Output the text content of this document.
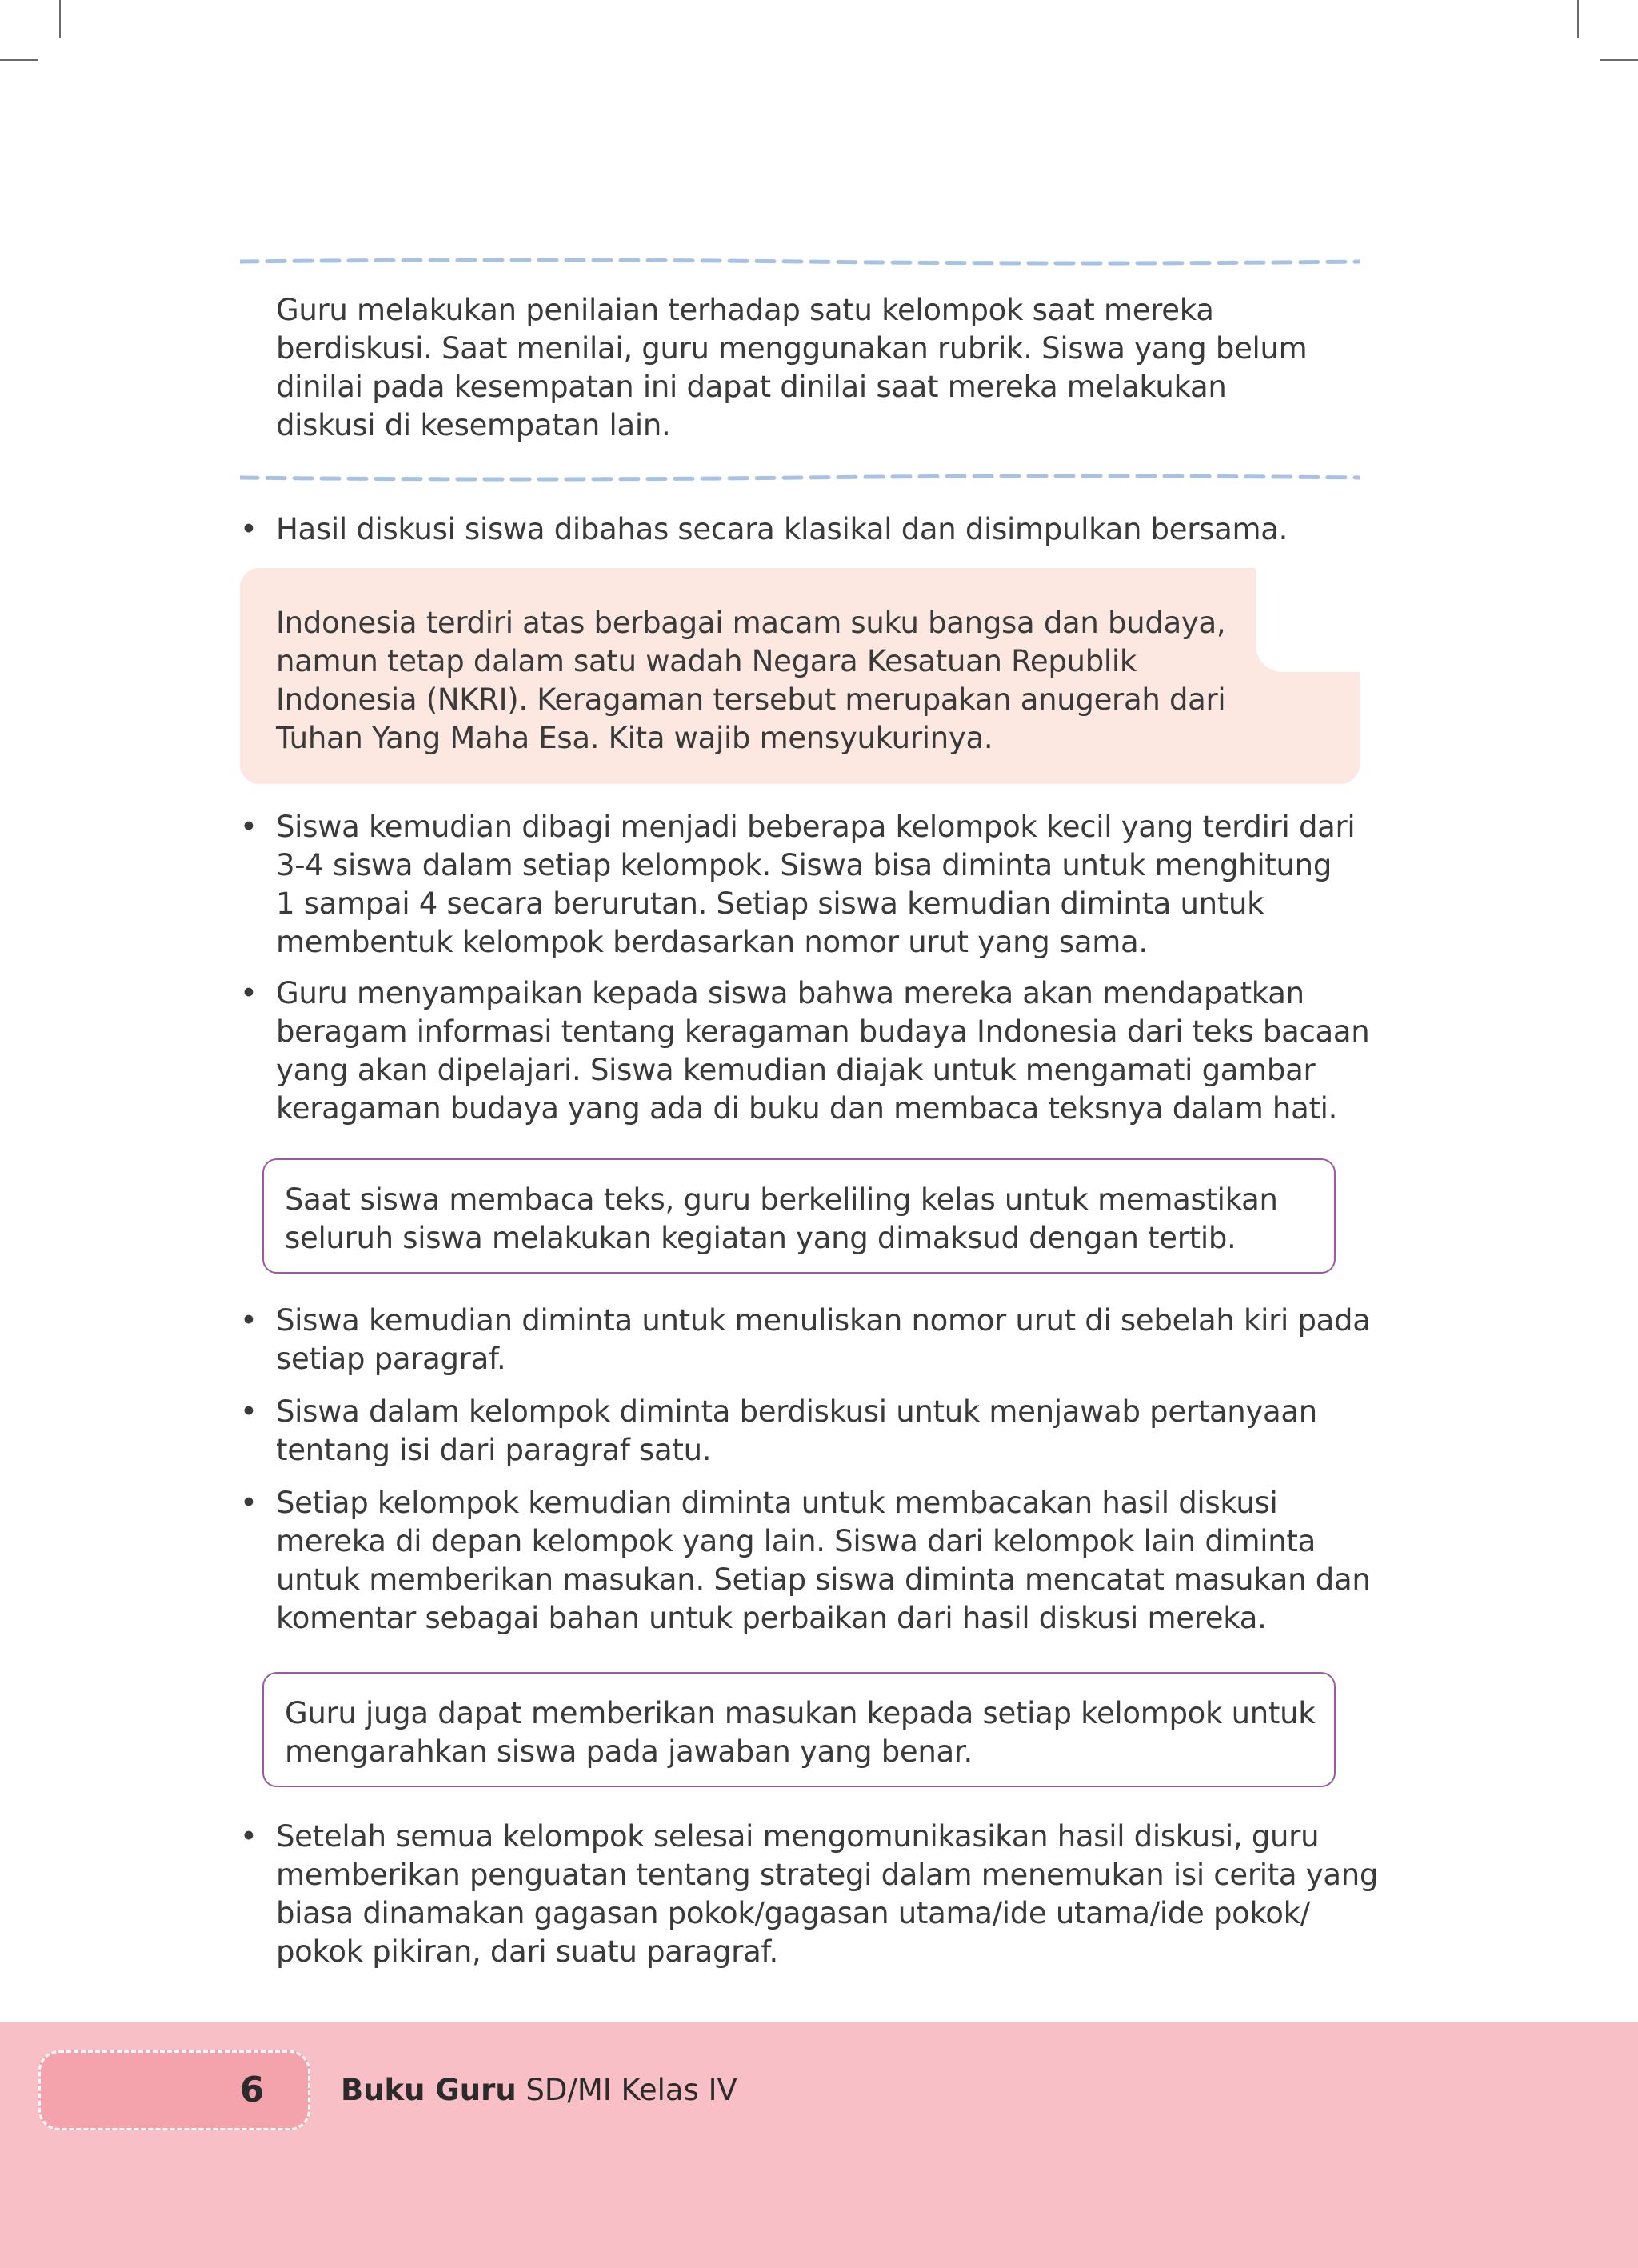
Guru melakukan penilaian terhadap satu kelompok saat mereka
berdiskusi. Saat menilai, guru menggunakan rubrik. Siswa yang belum
dinilai pada kesempatan ini dapat dinilai saat mereka melakukan
diskusi di kesempatan lain.

• Hasil diskusi siswa dibahas secara klasikal dan disimpulkan bersama.

Indonesia terdiri atas berbagai macam suku bangsa dan budaya,
namun tetap dalam satu wadah Negara Kesatuan Republik
Indonesia (NKRI). Keragaman tersebut merupakan anugerah dari
Tuhan Yang Maha Esa. Kita wajib mensyukurinya.

• Siswa kemudian dibagi menjadi beberapa kelompok kecil yang terdiri dari
3-4 siswa dalam setiap kelompok. Siswa bisa diminta untuk menghitung
1 sampai 4 secara berurutan. Setiap siswa kemudian diminta untuk
membentuk kelompok berdasarkan nomor urut yang sama.

• Guru menyampaikan kepada siswa bahwa mereka akan mendapatkan
beragam informasi tentang keragaman budaya Indonesia dari teks bacaan
yang akan dipelajari. Siswa kemudian diajak untuk mengamati gambar
keragaman budaya yang ada di buku dan membaca teksnya dalam hati.

Saat siswa membaca teks, guru berkeliling kelas untuk memastikan
seluruh siswa melakukan kegiatan yang dimaksud dengan tertib.

• Siswa kemudian diminta untuk menuliskan nomor urut di sebelah kiri pada
setiap paragraf.

• Siswa dalam kelompok diminta berdiskusi untuk menjawab pertanyaan
tentang isi dari paragraf satu.

• Setiap kelompok kemudian diminta untuk membacakan hasil diskusi
mereka di depan kelompok yang lain. Siswa dari kelompok lain diminta
untuk memberikan masukan. Setiap siswa diminta mencatat masukan dan
komentar sebagai bahan untuk perbaikan dari hasil diskusi mereka.

Guru juga dapat memberikan masukan kepada setiap kelompok untuk
mengarahkan siswa pada jawaban yang benar.

• Setelah semua kelompok selesai mengomunikasikan hasil diskusi, guru
memberikan penguatan tentang strategi dalam menemukan isi cerita yang
biasa dinamakan gagasan pokok/gagasan utama/ide utama/ide pokok/
pokok pikiran, dari suatu paragraf.

6	Buku Guru SD/MI Kelas IV
